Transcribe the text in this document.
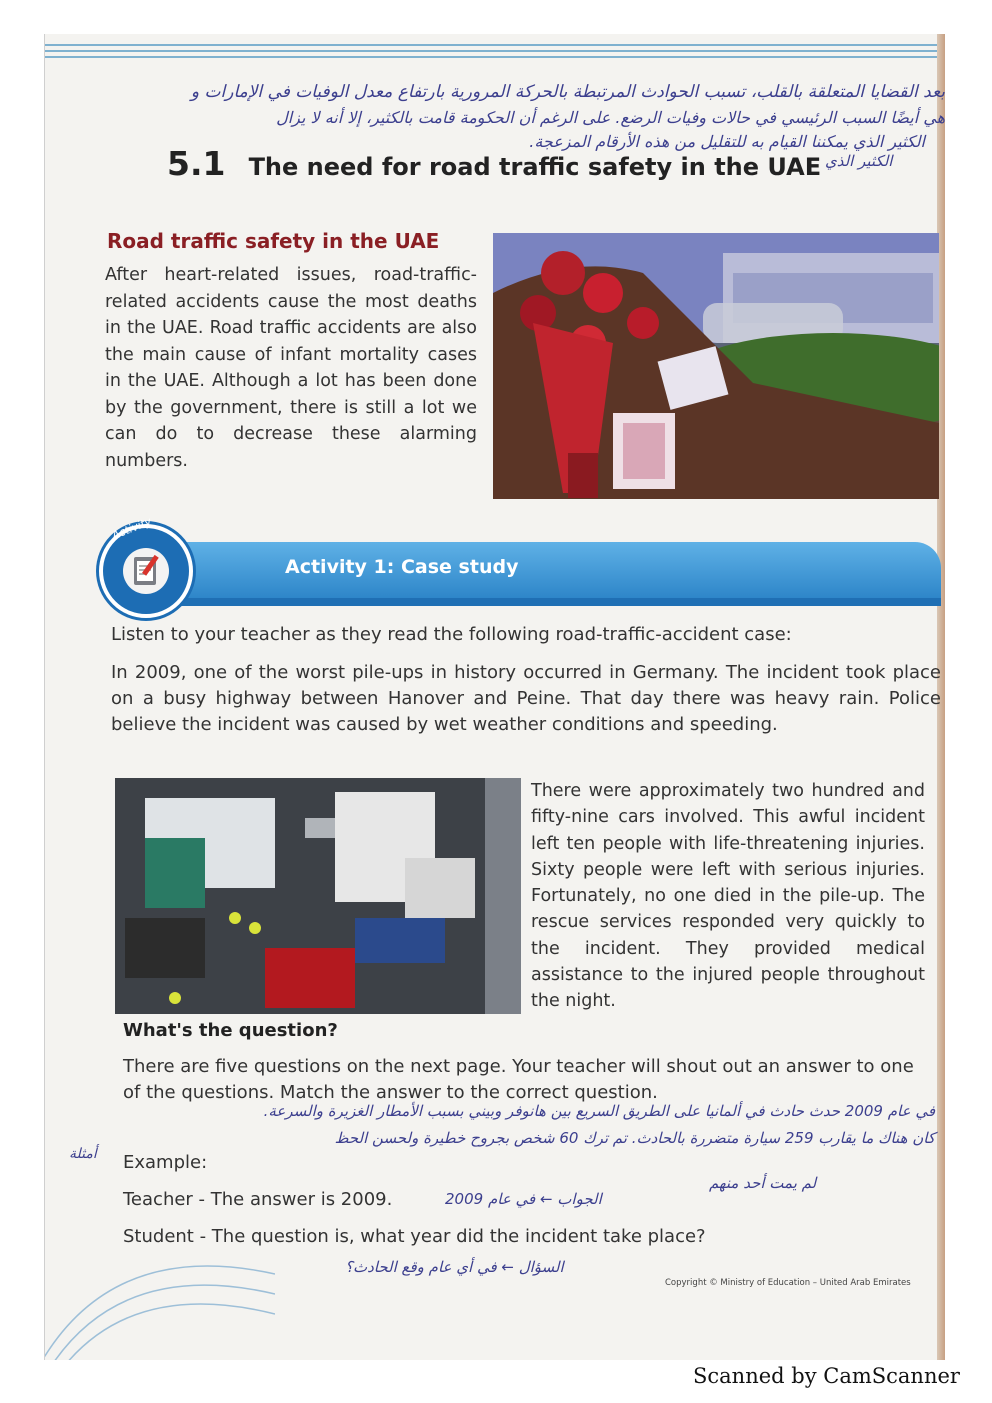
بعد القضايا المتعلقة بالقلب، تسبب الحوادث المرتبطة بالحركة المرورية بارتفاع معدل الوفيات في الإمارات و
هي أيضًا السبب الرئيسي في حالات وفيات الرضع. على الرغم أن الحكومة قامت بالكثير، إلا أنه لا يزال
الكثير الذي يمكننا القيام به للتقليل من هذه الأرقام المزعجة.
5.1 The need for road traffic safety in the UAE الكثير الذي
Road traffic safety in the UAE
After heart-related issues, road-traffic-related accidents cause the most deaths in the UAE. Road traffic accidents are also the main cause of infant mortality cases in the UAE. Although a lot has been done by the government, there is still a lot we can do to decrease these alarming numbers.
Activity
Activity 1: Case study
Listen to your teacher as they read the following road-traffic-accident case:
In 2009, one of the worst pile-ups in history occurred in Germany. The incident took place on a busy highway between Hanover and Peine. That day there was heavy rain. Police believe the incident was caused by wet weather conditions and speeding.
There were approximately two hundred and fifty-nine cars involved. This awful incident left ten people with life-threatening injuries. Sixty people were left with serious injuries. Fortunately, no one died in the pile-up. The rescue services responded very quickly to the incident. They provided medical assistance to the injured people throughout the night.
What's the question?
There are five questions on the next page. Your teacher will shout out an answer to one of the questions. Match the answer to the correct question.
في عام 2009 حدث حادث في ألمانيا على الطريق السريع بين هانوفر وبيني بسبب الأمطار الغزيرة والسرعة.
كان هناك ما يقارب 259 سيارة متضررة بالحادث. تم ترك 60 شخص بجروح خطيرة ولحسن الحظ
لم يمت أحد منهم
أمثلة Example:
Teacher - The answer is 2009.	الجواب ← في عام 2009
Student - The question is, what year did the incident take place?
السؤال ← في أي عام وقع الحادث؟
Copyright © Ministry of Education – United Arab Emirates
Scanned by CamScanner
